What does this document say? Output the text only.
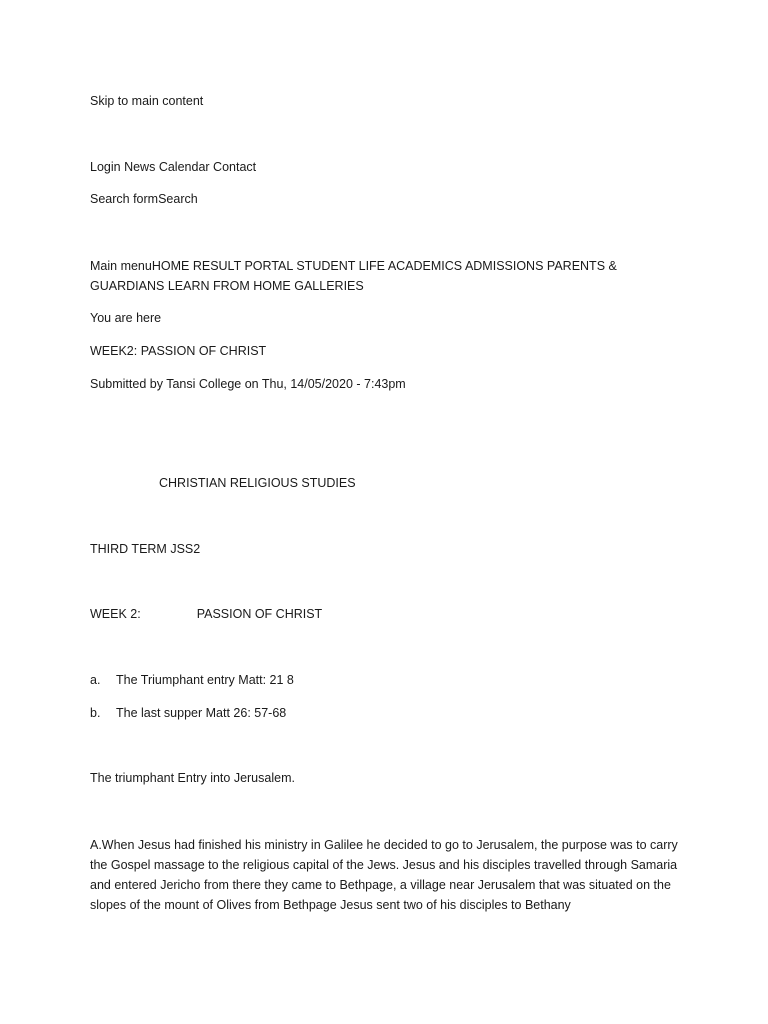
Skip to main content
Login News Calendar Contact
Search formSearch
Main menuHOME RESULT PORTAL STUDENT LIFE ACADEMICS ADMISSIONS PARENTS & GUARDIANS LEARN FROM HOME GALLERIES
You are here
WEEK2: PASSION OF CHRIST
Submitted by Tansi College on Thu, 14/05/2020 - 7:43pm
CHRISTIAN RELIGIOUS STUDIES
THIRD TERM JSS2
WEEK 2:	PASSION OF CHRIST
a. The Triumphant entry Matt: 21 8
b. The last supper Matt 26: 57-68
The triumphant Entry into Jerusalem.
A.When Jesus had finished his ministry in Galilee he decided to go to Jerusalem, the purpose was to carry the Gospel massage to the religious capital of the Jews. Jesus and his disciples travelled through Samaria and entered Jericho from there they came to Bethpage, a village near Jerusalem that was situated on the slopes of the mount of Olives from Bethpage Jesus sent two of his disciples to Bethany
